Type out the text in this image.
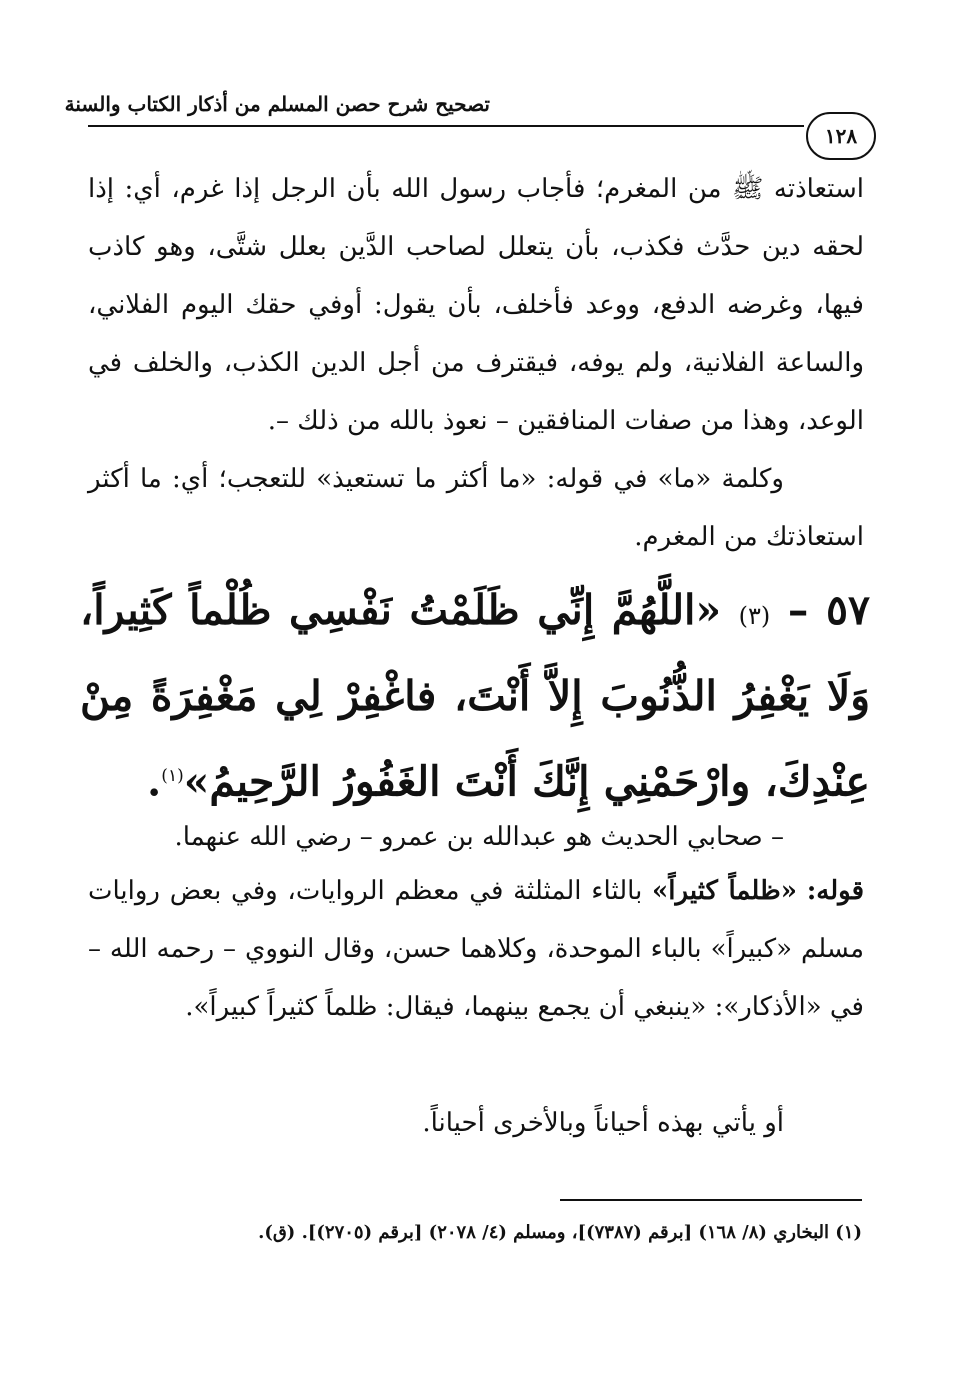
تصحيح شرح حصن المسلم من أذكار الكتاب والسنة
١٢٨
استعاذته ﷺ من المغرم؛ فأجاب رسول الله بأن الرجل إذا غرم، أي: إذا لحقه دين حدَّث فكذب، بأن يتعلل لصاحب الدَّين بعلل شتَّى، وهو كاذب فيها، وغرضه الدفع، ووعد فأخلف، بأن يقول: أوفي حقك اليوم الفلاني، والساعة الفلانية، ولم يوفه، فيقترف من أجل الدين الكذب، والخلف في الوعد، وهذا من صفات المنافقين – نعوذ بالله من ذلك –.
وكلمة «ما» في قوله: «ما أكثر ما تستعيذ» للتعجب؛ أي: ما أكثر استعاذتك من المغرم.
٥٧ – (٣) «اللَّهُمَّ إِنِّي ظَلَمْتُ نَفْسِي ظُلْماً كَثِيراً، وَلَا يَغْفِرُ الذُّنُوبَ إِلاَّ أَنْتَ، فاغْفِرْ لِي مَغْفِرَةً مِنْ عِنْدِكَ، وارْحَمْنِي إِنَّكَ أَنْتَ الغَفُورُ الرَّحِيمُ»$^{(١)}$.
– صحابي الحديث هو عبدالله بن عمرو – رضي الله عنهما.
قوله: «ظلماً كثيراً» بالثاء المثلثة في معظم الروايات، وفي بعض روايات مسلم «كبيراً» بالباء الموحدة، وكلاهما حسن، وقال النووي – رحمه الله – في «الأذكار»: «ينبغي أن يجمع بينهما، فيقال: ظلماً كثيراً كبيراً».
أو يأتي بهذه أحياناً وبالأخرى أحياناً.
(١) البخاري (٨/ ١٦٨) [برقم (٧٣٨٧)]، ومسلم (٤/ ٢٠٧٨) [برقم (٢٧٠٥)]. (ق).
